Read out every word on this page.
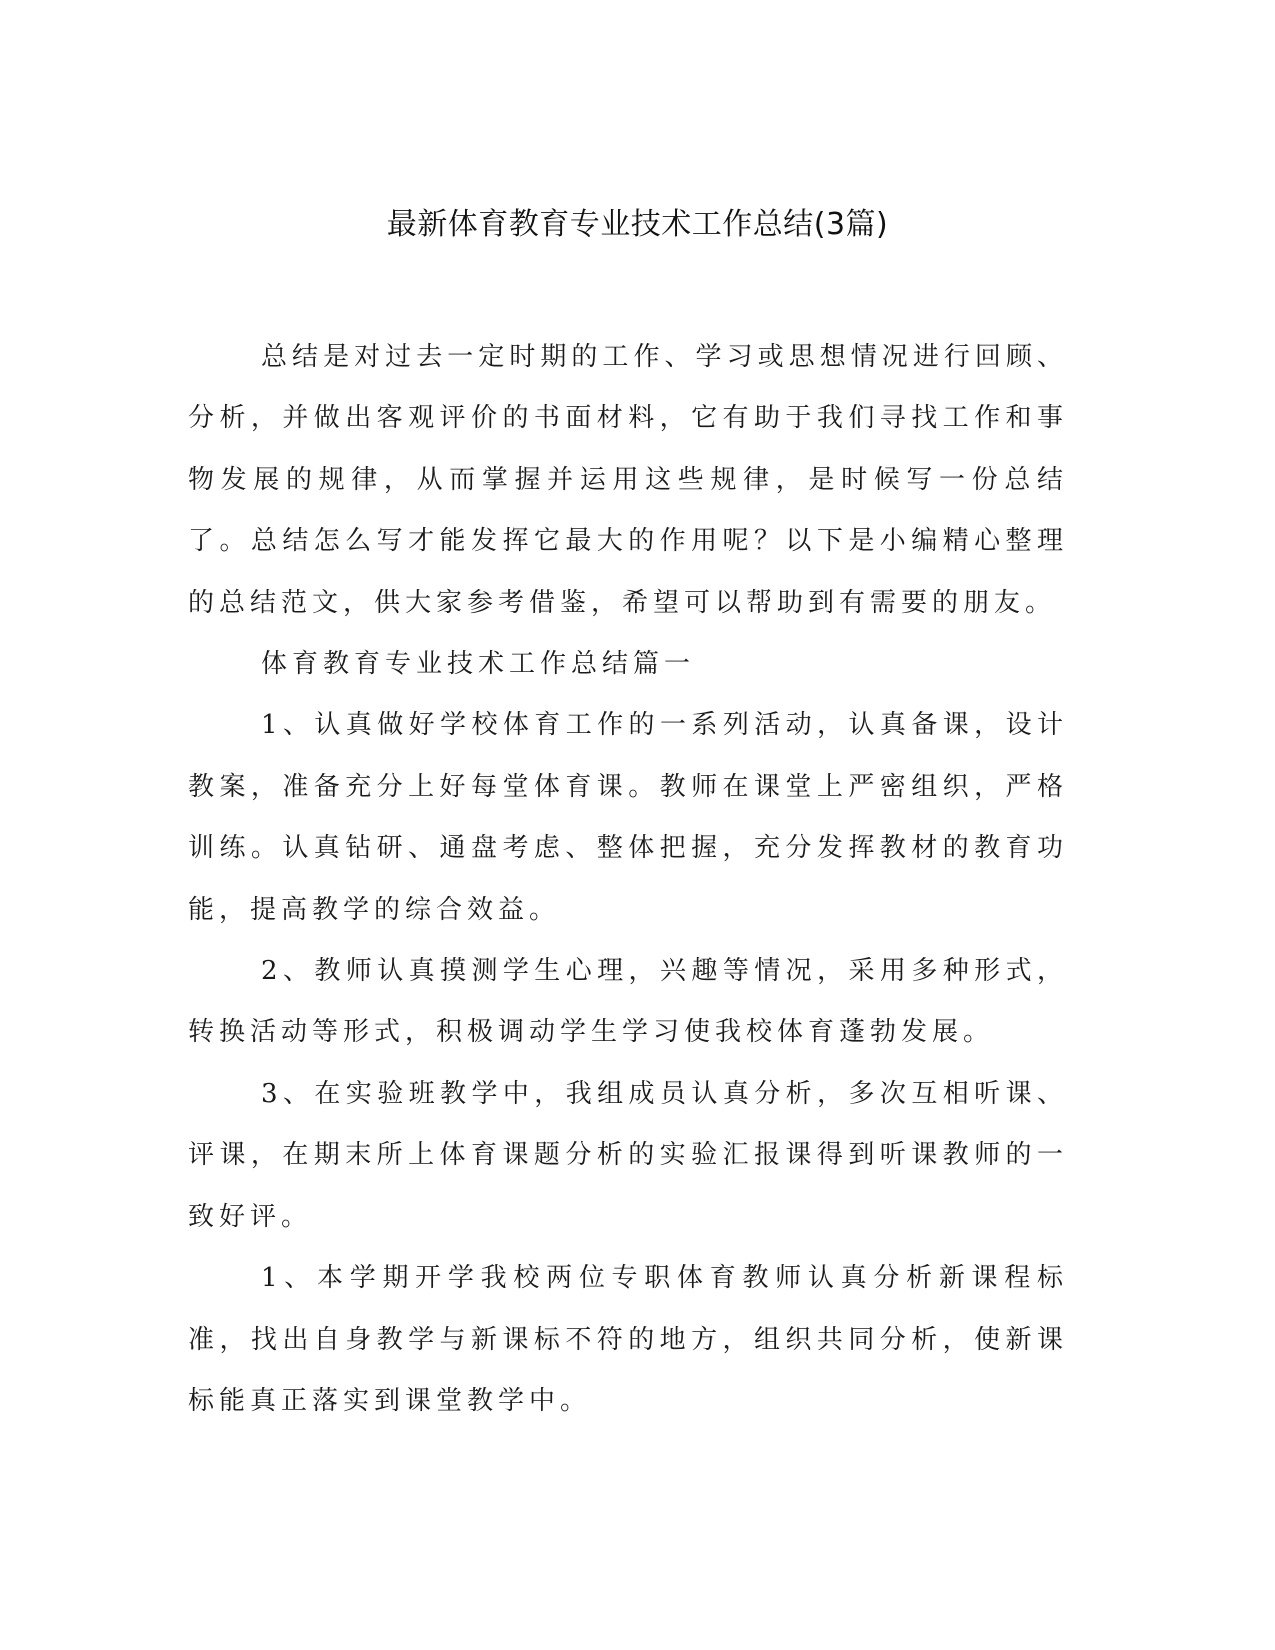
最新体育教育专业技术工作总结(3篇)

总结是对过去一定时期的工作、学习或思想情况进行回顾、分析，并做出客观评价的书面材料，它有助于我们寻找工作和事物发展的规律，从而掌握并运用这些规律，是时候写一份总结了。总结怎么写才能发挥它最大的作用呢？以下是小编精心整理的总结范文，供大家参考借鉴，希望可以帮助到有需要的朋友。

体育教育专业技术工作总结篇一

1、认真做好学校体育工作的一系列活动，认真备课，设计教案，准备充分上好每堂体育课。教师在课堂上严密组织，严格训练。认真钻研、通盘考虑、整体把握，充分发挥教材的教育功能，提高教学的综合效益。

2、教师认真摸测学生心理，兴趣等情况，采用多种形式，转换活动等形式，积极调动学生学习使我校体育蓬勃发展。

3、在实验班教学中，我组成员认真分析，多次互相听课、评课，在期末所上体育课题分析的实验汇报课得到听课教师的一致好评。

1、本学期开学我校两位专职体育教师认真分析新课程标准，找出自身教学与新课标不符的地方，组织共同分析，使新课标能真正落实到课堂教学中。
